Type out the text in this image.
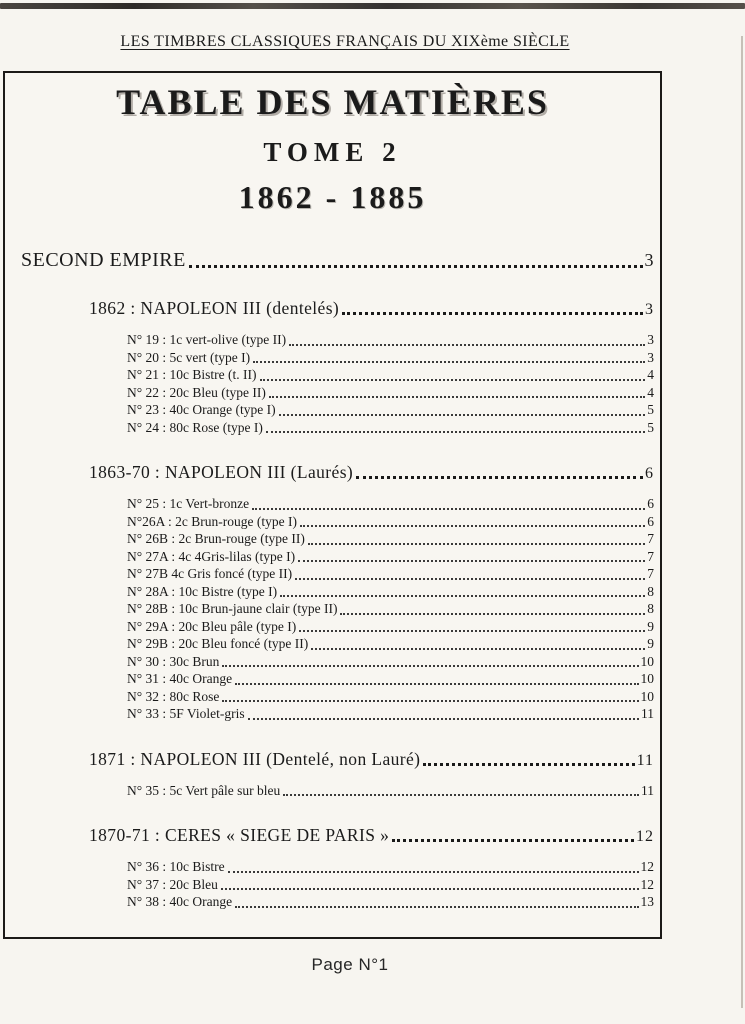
LES TIMBRES CLASSIQUES FRANÇAIS DU XIXème SIÈCLE
TABLE DES MATIÈRES
TOME 2
1862 - 1885
SECOND EMPIRE	3
1862 : NAPOLEON III (dentelés)	3
N° 19 : 1c vert-olive (type II)	3
N° 20 : 5c vert (type I)	3
N° 21 : 10c Bistre (t. II)	4
N° 22 : 20c Bleu (type II)	4
N° 23 : 40c Orange (type I)	5
N° 24 : 80c Rose (type I)	5
1863-70 : NAPOLEON III (Laurés)	6
N° 25 : 1c Vert-bronze	6
N°26A : 2c Brun-rouge (type I)	6
N° 26B : 2c Brun-rouge (type II)	7
N° 27A : 4c 4Gris-lilas (type I)	7
N° 27B 4c Gris foncé (type II)	7
N° 28A : 10c Bistre (type I)	8
N° 28B : 10c Brun-jaune clair (type II)	8
N° 29A : 20c Bleu pâle (type I)	9
N° 29B : 20c Bleu foncé (type II)	9
N° 30 : 30c Brun	10
N° 31 : 40c Orange	10
N° 32 : 80c Rose	10
N° 33 : 5F Violet-gris	11
1871 : NAPOLEON III (Dentelé, non Lauré)	11
N° 35 : 5c Vert pâle sur bleu	11
1870-71 : CERES « SIEGE DE PARIS »	12
N° 36 : 10c Bistre	12
N° 37 : 20c Bleu	12
N° 38 : 40c Orange	13
Page N°1
